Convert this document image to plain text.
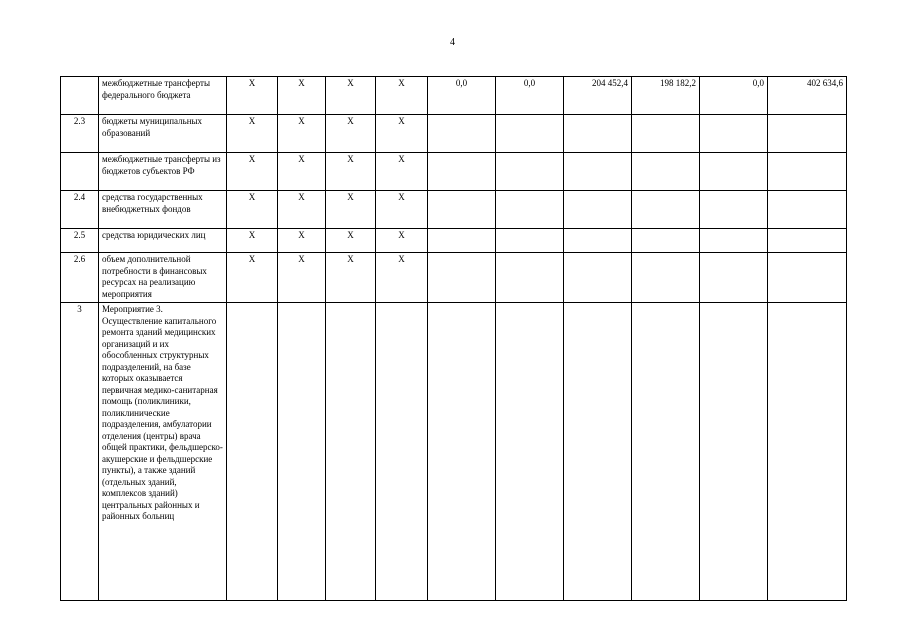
4
	межбюджетные трансферты федерального бюджета	X	X	X	X	0,0	0,0	204 452,4	198 182,2	0,0	402 634,6
2.3	бюджеты муниципальных образований	X	X	X	X						
	межбюджетные трансферты из бюджетов субъектов РФ	X	X	X	X						
2.4	средства государственных внебюджетных фондов	X	X	X	X						
2.5	средства юридических лиц	X	X	X	X						
2.6	объем дополнительной потребности в финансовых ресурсах на реализацию мероприятия	X	X	X	X						
3	Мероприятие 3. Осуществление капитального ремонта зданий медицинских организаций и их обособленных структурных подразделений, на базе которых оказывается первичная медико-санитарная помощь (поликлиники, поликлинические подразделения, амбулатории отделения (центры) врача общей практики, фельдшерско-акушерские и фельдшерские пункты), а также зданий (отдельных зданий, комплексов зданий) центральных районных и районных больниц										
